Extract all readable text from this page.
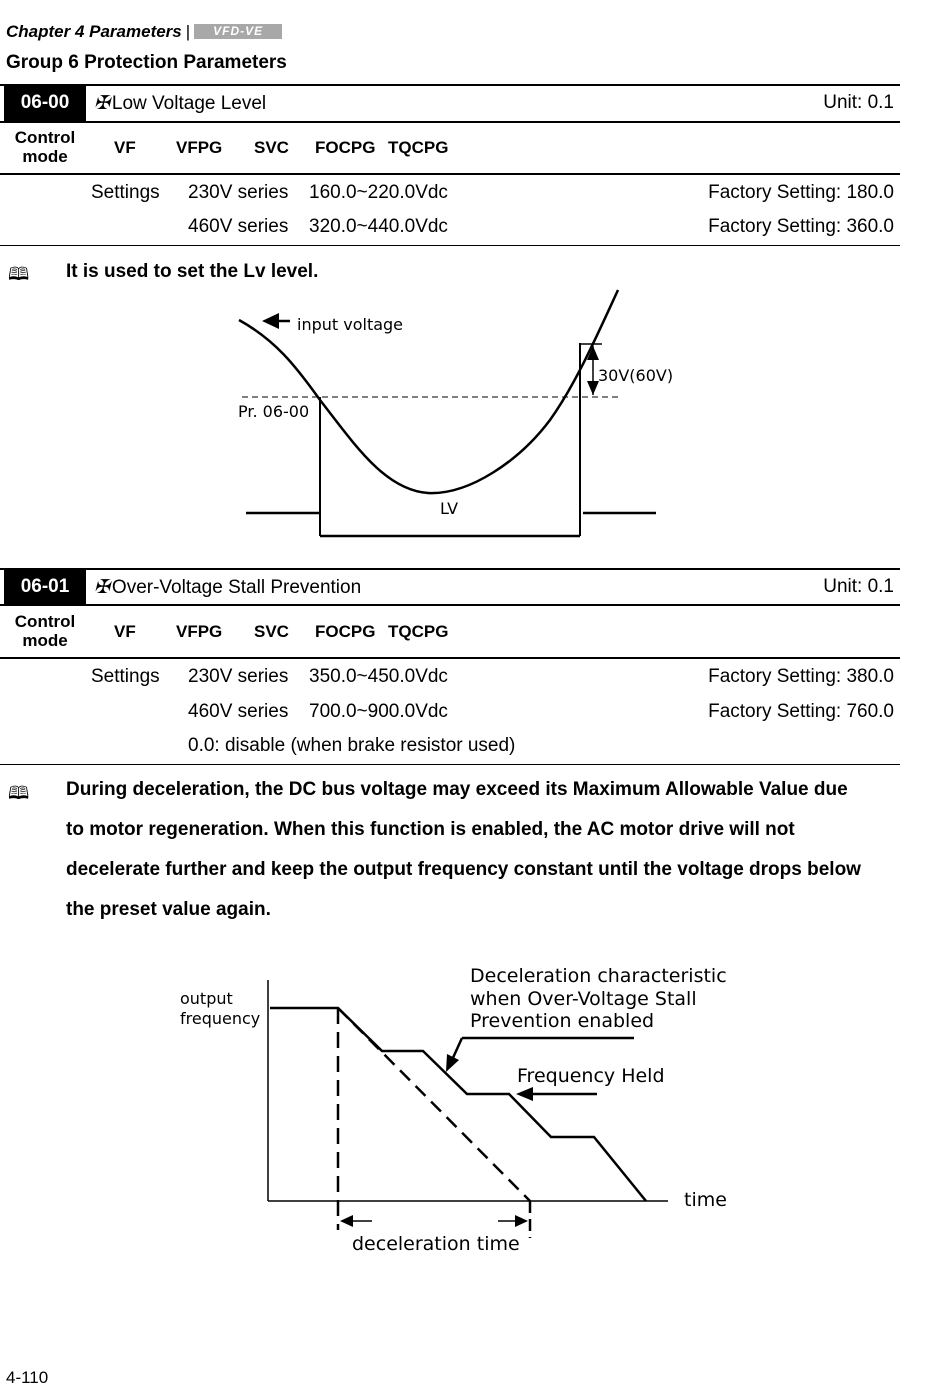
Chapter 4 Parameters | VFD-VE
Group 6 Protection Parameters
06-00	✠ Low Voltage Level	Unit: 0.1
Control
mode	VF VFPG SVC FOCPG TQCPG
Settings 230V series 160.0~220.0Vdc	Factory Setting: 180.0
460V series 320.0~440.0Vdc	Factory Setting: 360.0
🕮 It is used to set the Lv level.
input voltage
30V(60V)
Pr. 06-00
LV
06-01	✠ Over-Voltage Stall Prevention	Unit: 0.1
Control
mode	VF VFPG SVC FOCPG TQCPG
Settings 230V series 350.0~450.0Vdc	Factory Setting: 380.0
460V series 700.0~900.0Vdc	Factory Setting: 760.0
0.0: disable (when brake resistor used)
🕮 During deceleration, the DC bus voltage may exceed its Maximum Allowable Value due
to motor regeneration. When this function is enabled, the AC motor drive will not
decelerate further and keep the output frequency constant until the voltage drops below
the preset value again.
output
frequency
Deceleration characteristic
when Over-Voltage Stall
Prevention enabled
Frequency Held
time
deceleration time
4-110
